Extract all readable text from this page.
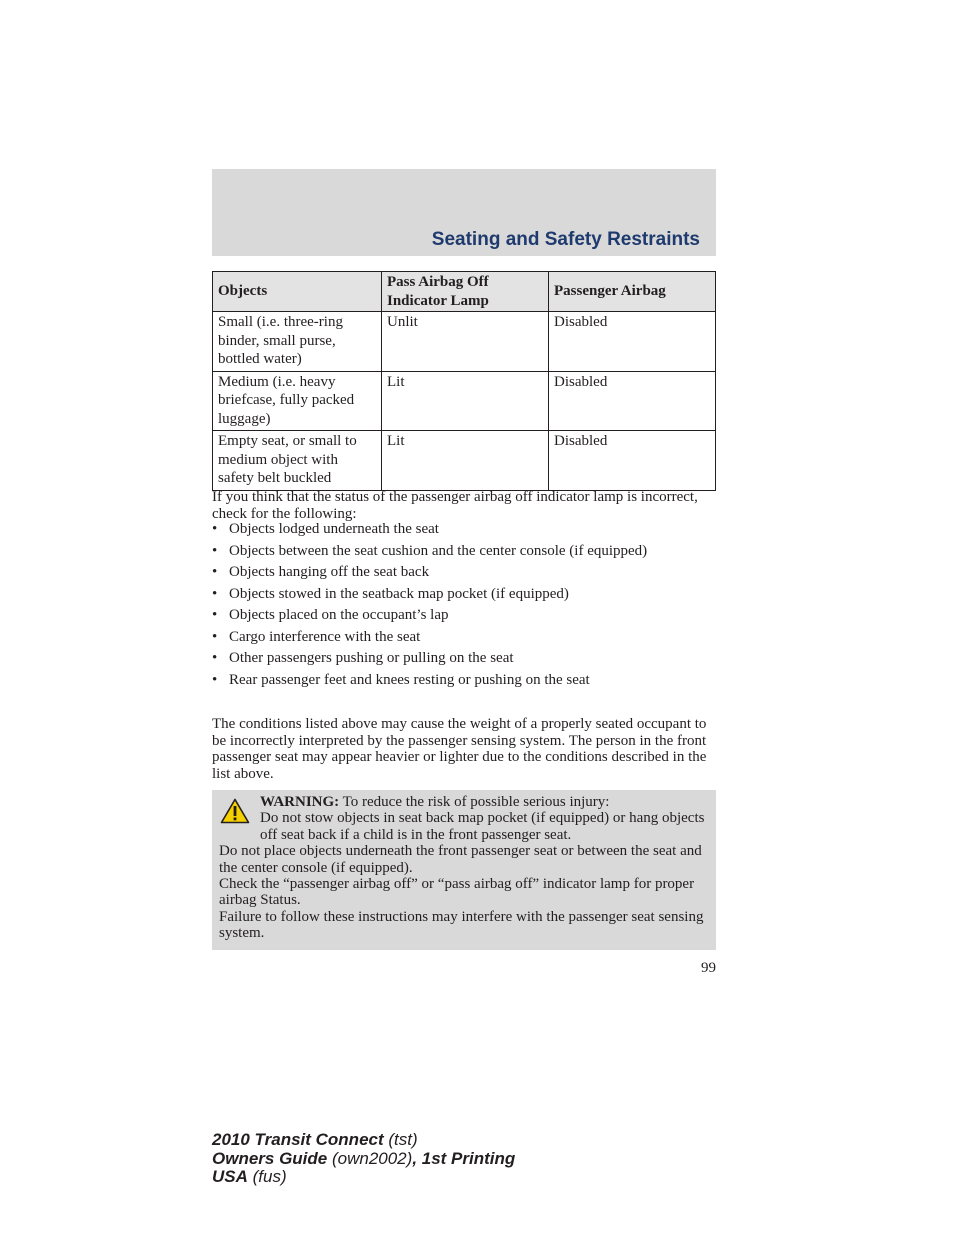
Seating and Safety Restraints
Objects	Pass Airbag Off Indicator Lamp	Passenger Airbag
Small (i.e. three-ring binder, small purse, bottled water)	Unlit	Disabled
Medium (i.e. heavy briefcase, fully packed luggage)	Lit	Disabled
Empty seat, or small to medium object with safety belt buckled	Lit	Disabled

If you think that the status of the passenger airbag off indicator lamp is incorrect, check for the following:

• Objects lodged underneath the seat
• Objects between the seat cushion and the center console (if equipped)
• Objects hanging off the seat back
• Objects stowed in the seatback map pocket (if equipped)
• Objects placed on the occupant’s lap
• Cargo interference with the seat
• Other passengers pushing or pulling on the seat
• Rear passenger feet and knees resting or pushing on the seat

The conditions listed above may cause the weight of a properly seated occupant to be incorrectly interpreted by the passenger sensing system. The person in the front passenger seat may appear heavier or lighter due to the conditions described in the list above.

WARNING: To reduce the risk of possible serious injury:

Do not stow objects in seat back map pocket (if equipped) or hang objects off seat back if a child is in the front passenger seat.

Do not place objects underneath the front passenger seat or between the seat and the center console (if equipped).

Check the “passenger airbag off” or “pass airbag off” indicator lamp for proper airbag Status.

Failure to follow these instructions may interfere with the passenger seat sensing system.

99

2010 Transit Connect (tst)
Owners Guide (own2002), 1st Printing
USA (fus)
